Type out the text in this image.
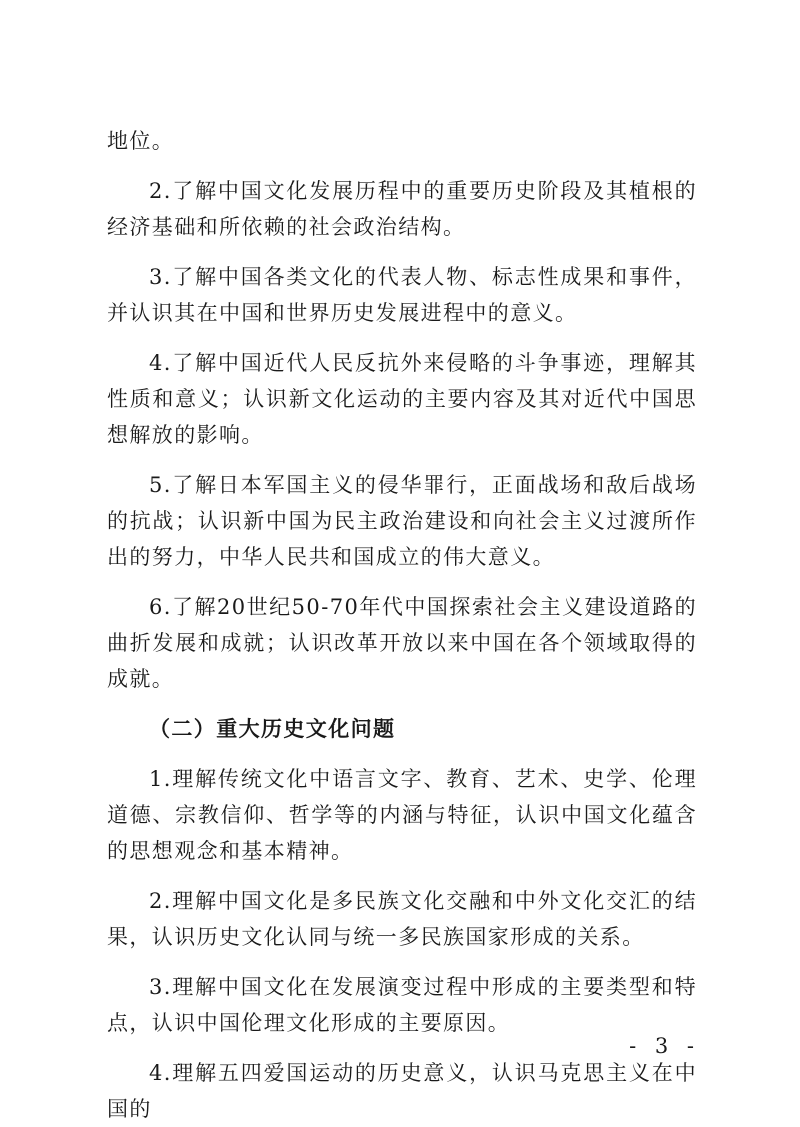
地位。

2.了解中国文化发展历程中的重要历史阶段及其植根的经济基础和所依赖的社会政治结构。

3.了解中国各类文化的代表人物、标志性成果和事件，并认识其在中国和世界历史发展进程中的意义。

4.了解中国近代人民反抗外来侵略的斗争事迹，理解其性质和意义；认识新文化运动的主要内容及其对近代中国思想解放的影响。

5.了解日本军国主义的侵华罪行，正面战场和敌后战场的抗战；认识新中国为民主政治建设和向社会主义过渡所作出的努力，中华人民共和国成立的伟大意义。

6.了解20世纪50-70年代中国探索社会主义建设道路的曲折发展和成就；认识改革开放以来中国在各个领域取得的成就。

（二）重大历史文化问题

1.理解传统文化中语言文字、教育、艺术、史学、伦理道德、宗教信仰、哲学等的内涵与特征，认识中国文化蕴含的思想观念和基本精神。

2.理解中国文化是多民族文化交融和中外文化交汇的结果，认识历史文化认同与统一多民族国家形成的关系。

3.理解中国文化在发展演变过程中形成的主要类型和特点，认识中国伦理文化形成的主要原因。

4.理解五四爱国运动的历史意义，认识马克思主义在中国的

- 3 -
